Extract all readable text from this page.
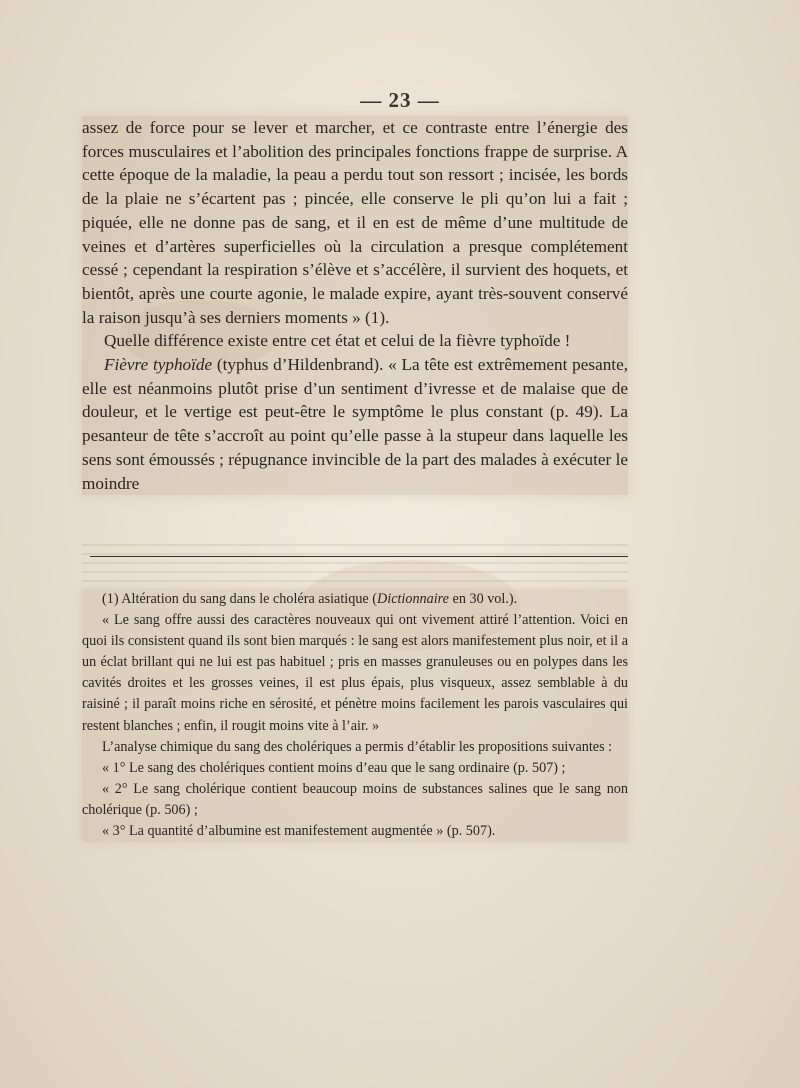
— 23 —

assez de force pour se lever et marcher, et ce contraste entre l’énergie des forces musculaires et l’abolition des principales fonctions frappe de surprise. A cette époque de la maladie, la peau a perdu tout son ressort ; incisée, les bords de la plaie ne s’écartent pas ; pincée, elle conserve le pli qu’on lui a fait ; piquée, elle ne donne pas de sang, et il en est de même d’une multitude de veines et d’artères superficielles où la circulation a presque complétement cessé ; cependant la respiration s’élève et s’accélère, il survient des hoquets, et bientôt, après une courte agonie, le malade expire, ayant très-souvent conservé la raison jusqu’à ses derniers moments » (1).

Quelle différence existe entre cet état et celui de la fièvre typhoïde !

Fièvre typhoïde (typhus d’Hildenbrand). « La tête est extrêmement pesante, elle est néanmoins plutôt prise d’un sentiment d’ivresse et de malaise que de douleur, et le vertige est peut-être le symptôme le plus constant (p. 49). La pesanteur de tête s’accroît au point qu’elle passe à la stupeur dans laquelle les sens sont émoussés ; répugnance invincible de la part des malades à exécuter le moindre

(1) Altération du sang dans le choléra asiatique (Dictionnaire en 30 vol.).

« Le sang offre aussi des caractères nouveaux qui ont vivement attiré l’attention. Voici en quoi ils consistent quand ils sont bien marqués : le sang est alors manifestement plus noir, et il a un éclat brillant qui ne lui est pas habituel ; pris en masses granuleuses ou en polypes dans les cavités droites et les grosses veines, il est plus épais, plus visqueux, assez semblable à du raisiné ; il paraît moins riche en sérosité, et pénètre moins facilement les parois vasculaires qui restent blanches ; enfin, il rougit moins vite à l’air. »

L’analyse chimique du sang des cholériques a permis d’établir les propositions suivantes :

« 1° Le sang des cholériques contient moins d’eau que le sang ordinaire (p. 507) ;

« 2° Le sang cholérique contient beaucoup moins de substances salines que le sang non cholérique (p. 506) ;

« 3° La quantité d’albumine est manifestement augmentée » (p. 507).
